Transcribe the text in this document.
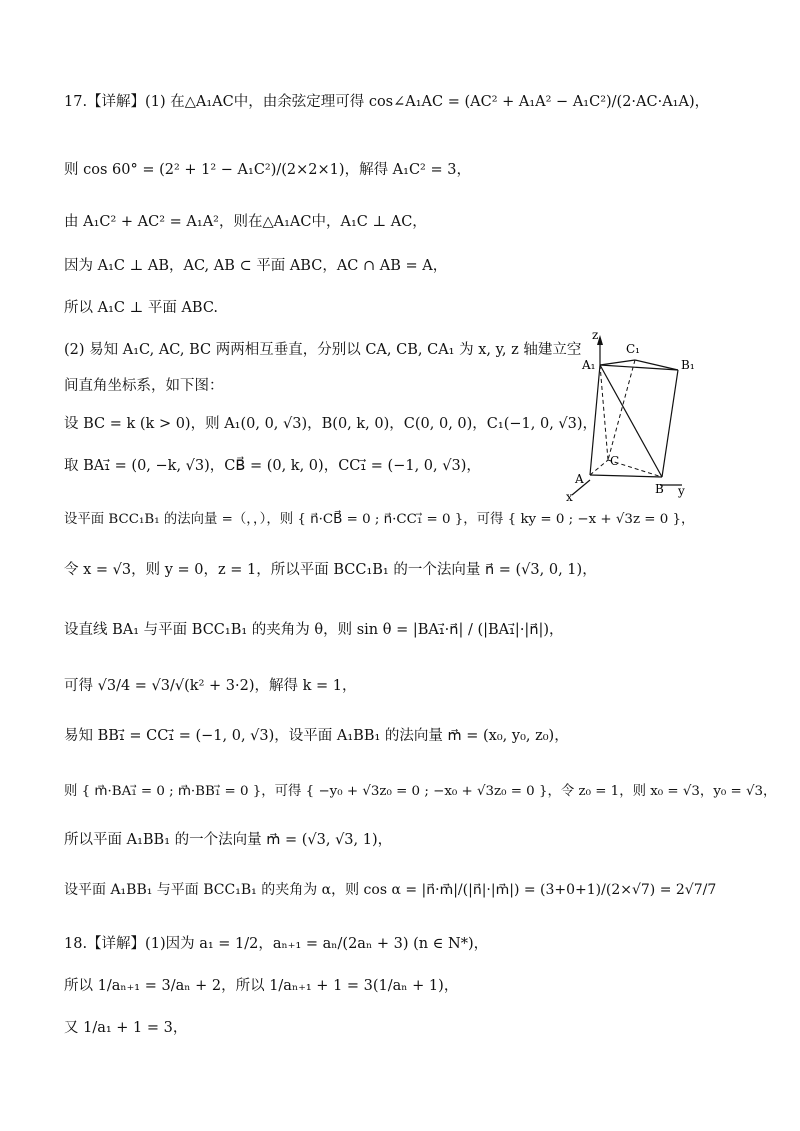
17.【详解】(1) 在△A₁AC中，由余弦定理可得 cos∠A₁AC = (AC² + A₁A² − A₁C²)/(2·AC·A₁A)，
则 cos 60° = (2² + 1² − A₁C²)/(2×2×1)，解得 A₁C² = 3，
由 A₁C² + AC² = A₁A²，则在△A₁AC中，A₁C ⊥ AC，
因为 A₁C ⊥ AB，AC, AB ⊂ 平面 ABC，AC ∩ AB = A，
所以 A₁C ⊥ 平面 ABC.
(2) 易知 A₁C, AC, BC 两两相互垂直，分别以 CA, CB, CA₁ 为 x, y, z 轴建立空
间直角坐标系，如下图：
设 BC = k (k > 0)，则 A₁(0, 0, √3)，B(0, k, 0)，C(0, 0, 0)，C₁(−1, 0, √3)，
取 BA₁⃗ = (0, −k, √3)，CB⃗ = (0, k, 0)，CC₁⃗ = (−1, 0, √3)，
设平面 BCC₁B₁ 的法向量 =（，，），则 { n⃗·CB⃗ = 0 ; n⃗·CC₁⃗ = 0 }，可得 { ky = 0 ; −x + √3z = 0 }，
令 x = √3，则 y = 0，z = 1，所以平面 BCC₁B₁ 的一个法向量 n⃗ = (√3, 0, 1)，
设直线 BA₁ 与平面 BCC₁B₁ 的夹角为 θ，则 sin θ = |BA₁⃗·n⃗| / (|BA₁⃗|·|n⃗|)，
可得 √3/4 = √3/√(k² + 3·2)，解得 k = 1，
易知 BB₁⃗ = CC₁⃗ = (−1, 0, √3)，设平面 A₁BB₁ 的法向量 m⃗ = (x₀, y₀, z₀)，
则 { m⃗·BA₁⃗ = 0 ; m⃗·BB₁⃗ = 0 }，可得 { −y₀ + √3z₀ = 0 ; −x₀ + √3z₀ = 0 }，令 z₀ = 1，则 x₀ = √3，y₀ = √3，
所以平面 A₁BB₁ 的一个法向量 m⃗ = (√3, √3, 1)，
设平面 A₁BB₁ 与平面 BCC₁B₁ 的夹角为 α，则 cos α = |n⃗·m⃗|/(|n⃗|·|m⃗|) = (3+0+1)/(2×√7) = 2√7/7
18.【详解】(1)因为 a₁ = 1/2，aₙ₊₁ = aₙ/(2aₙ + 3) (n ∈ N*)，
所以 1/aₙ₊₁ = 3/aₙ + 2，所以 1/aₙ₊₁ + 1 = 3(1/aₙ + 1)，
又 1/a₁ + 1 = 3，
z
A₁
C₁
B₁
C
A
x
B y
